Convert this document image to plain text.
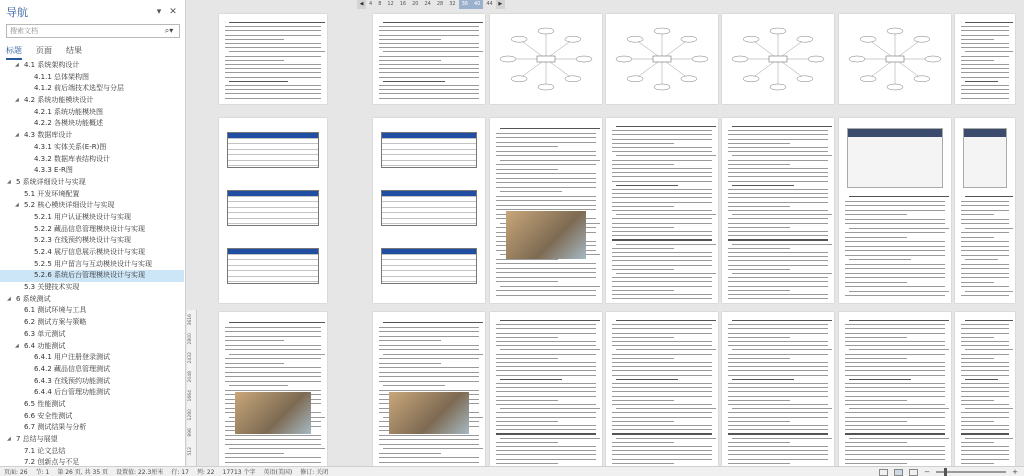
导航	▾ ✕
搜索文档
⌕▾
标题 页面 结果
◢ 4.1 系统架构设计
4.1.1 总体架构图
4.1.2 前后端技术选型与分层
◢ 4.2 系统功能模块设计
4.2.1 系统功能模块图
4.2.2 各模块功能概述
◢ 4.3 数据库设计
4.3.1 实体关系(E-R)图
4.3.2 数据库表结构设计
4.3.3 E-R图
◢ 5 系统详细设计与实现
5.1 开发环境配置
◢ 5.2 核心模块详细设计与实现
5.2.1 用户认证模块设计与实现
5.2.2 藏品信息管理模块设计与实现
5.2.3 在线预约模块设计与实现
5.2.4 展厅信息展示模块设计与实现
5.2.5 用户留言与互动模块设计与实现
5.2.6 系统后台管理模块设计与实现
5.3 关键技术实现
◢ 6 系统测试
6.1 测试环境与工具
6.2 测试方案与策略
6.3 单元测试
◢ 6.4 功能测试
6.4.1 用户注册登录测试
6.4.2 藏品信息管理测试
6.4.3 在线预约功能测试
6.4.4 后台管理功能测试
6.5 性能测试
6.6 安全性测试
6.7 测试结果与分析
◢ 7 总结与展望
7.1 论文总结
7.2 创新点与不足
◀	4	8	12	16	20	24	28	32	36	40	44	▶
3616
2800
2432
2048
1664
1280
896
512
页面: 26 节: 1 第 26 页, 共 35 页 设置值: 22.3厘米 行: 17 列: 22 17713 个字 英语(美国) 修订: 关闭	−	+
